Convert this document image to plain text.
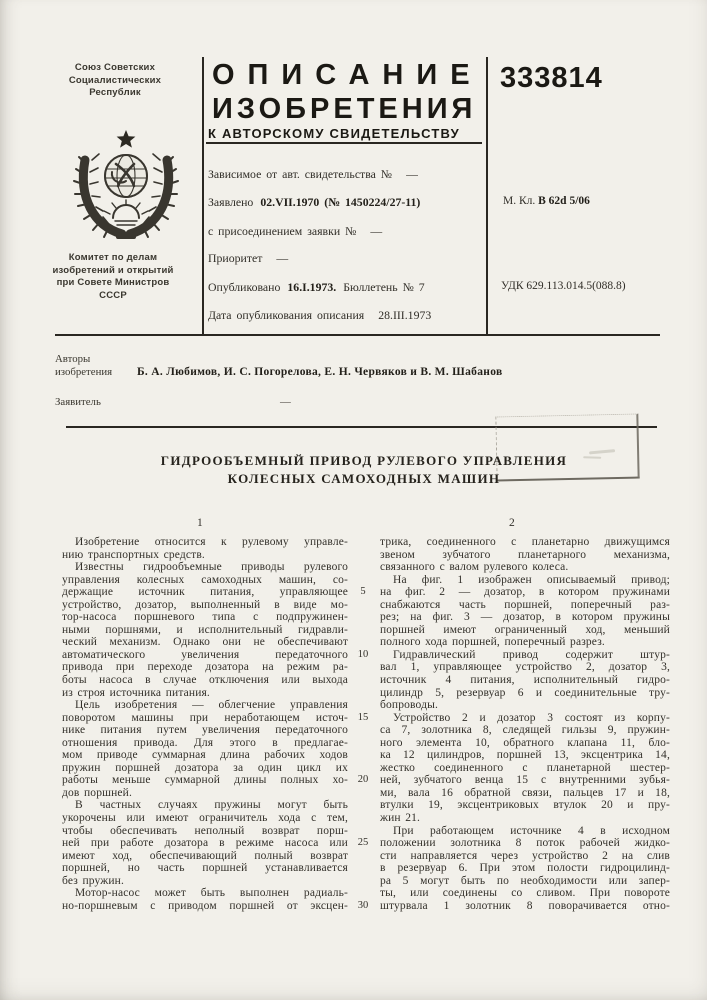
Союз Советских
Социалистических
Республик
Комитет по делам
изобретений и открытий
при Совете Министров
СССР
ОПИСАНИЕ
ИЗОБРЕТЕНИЯ
К АВТОРСКОМУ СВИДЕТЕЛЬСТВУ
333814
Зависимое от авт. свидетельства № —
Заявлено 02.VII.1970 (№ 1450224/27-11)
с присоединением заявки № —
Приоритет —
Опубликовано 16.I.1973. Бюллетень № 7
Дата опубликования описания 28.III.1973
М. Кл. В 62d 5/06
УДК 629.113.014.5(088.8)
Авторы
изобретения Б. А. Любимов, И. С. Погорелова, Е. Н. Червяков и В. М. Шабанов
Заявитель	—
ГИДРООБЪЕМНЫЙ ПРИВОД РУЛЕВОГО УПРАВЛЕНИЯ
КОЛЕСНЫХ САМОХОДНЫХ МАШИН
1	2
Изобретение относится к рулевому управле-
нию транспортных средств.
Известны гидрообъемные приводы рулевого
управления колесных самоходных машин, со-
держащие источник питания, управляющее
устройство, дозатор, выполненный в виде мо-
тор-насоса поршневого типа с подпружинен-
ными поршнями, и исполнительный гидравли-
ческий механизм. Однако они не обеспечивают
автоматического увеличения передаточного
привода при переходе дозатора на режим ра-
боты насоса в случае отключения или выхода
из строя источника питания.
Цель изобретения — облегчение управления
поворотом машины при неработающем источ-
нике питания путем увеличения передаточного
отношения привода. Для этого в предлагае-
мом приводе суммарная длина рабочих ходов
пружин поршней дозатора за один цикл их
работы меньше суммарной длины полных хо-
дов поршней.
В частных случаях пружины могут быть
укорочены или имеют ограничитель хода с тем,
чтобы обеспечивать неполный возврат порш-
ней при работе дозатора в режиме насоса или
имеют ход, обеспечивающий полный возврат
поршней, но часть поршней устанавливается
без пружин.
Мотор-насос может быть выполнен радиаль-
но-поршневым с приводом поршней от эксцен-
трика, соединенного с планетарно движущимся
звеном зубчатого планетарного механизма,
связанного с валом рулевого колеса.
На фиг. 1 изображен описываемый привод;
на фиг. 2 — дозатор, в котором пружинами
снабжаются часть поршней, поперечный раз-
рез; на фиг. 3 — дозатор, в котором пружины
поршней имеют ограниченный ход, меньший
полного хода поршней, поперечный разрез.
Гидравлический привод содержит штур-
вал 1, управляющее устройство 2, дозатор 3,
источник 4 питания, исполнительный гидро-
цилиндр 5, резервуар 6 и соединительные тру-
бопроводы.
Устройство 2 и дозатор 3 состоят из корпу-
са 7, золотника 8, следящей гильзы 9, пружин-
ного элемента 10, обратного клапана 11, бло-
ка 12 цилиндров, поршней 13, эксцентрика 14,
жестко соединенного с планетарной шестер-
ней, зубчатого венца 15 с внутренними зубья-
ми, вала 16 обратной связи, пальцев 17 и 18,
втулки 19, эксцентриковых втулок 20 и пру-
жин 21.
При работающем источнике 4 в исходном
положении золотника 8 поток рабочей жидко-
сти направляется через устройство 2 на слив
в резервуар 6. При этом полости гидроцилинд-
ра 5 могут быть по необходимости или запер-
ты, или соединены со сливом. При повороте
штурвала 1 золотник 8 поворачивается отно-
5
10
15
20
25
30
